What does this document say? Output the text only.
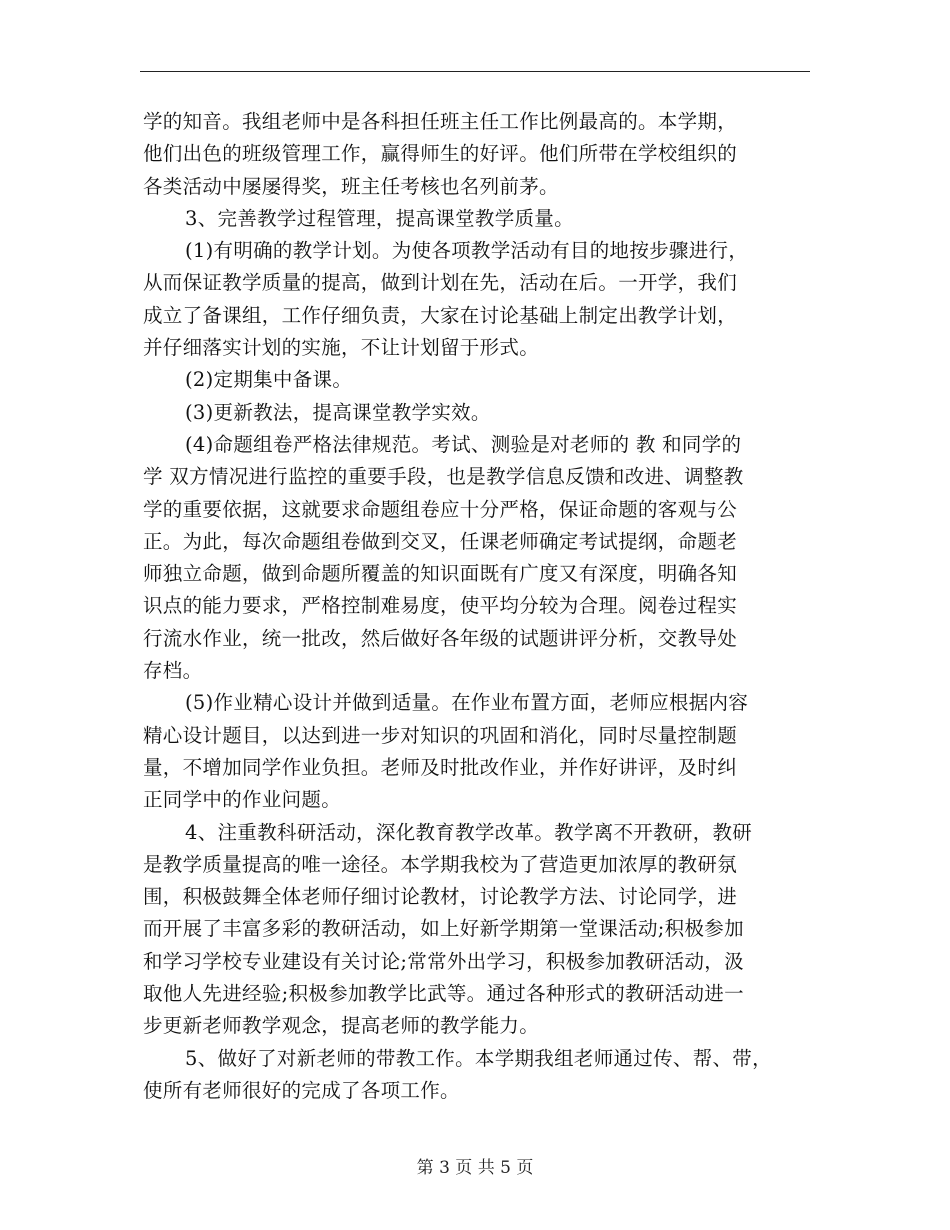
学的知音。我组老师中是各科担任班主任工作比例最高的。本学期，
他们出色的班级管理工作，赢得师生的好评。他们所带在学校组织的
各类活动中屡屡得奖，班主任考核也名列前茅。
3、完善教学过程管理，提高课堂教学质量。
(1)有明确的教学计划。为使各项教学活动有目的地按步骤进行，
从而保证教学质量的提高，做到计划在先，活动在后。一开学，我们
成立了备课组，工作仔细负责，大家在讨论基础上制定出教学计划，
并仔细落实计划的实施，不让计划留于形式。
(2)定期集中备课。
(3)更新教法，提高课堂教学实效。
(4)命题组卷严格法律规范。考试、测验是对老师的 教 和同学的
学 双方情况进行监控的重要手段，也是教学信息反馈和改进、调整教
学的重要依据，这就要求命题组卷应十分严格，保证命题的客观与公
正。为此，每次命题组卷做到交叉，任课老师确定考试提纲，命题老
师独立命题，做到命题所覆盖的知识面既有广度又有深度，明确各知
识点的能力要求，严格控制难易度，使平均分较为合理。阅卷过程实
行流水作业，统一批改，然后做好各年级的试题讲评分析，交教导处
存档。
(5)作业精心设计并做到适量。在作业布置方面，老师应根据内容
精心设计题目，以达到进一步对知识的巩固和消化，同时尽量控制题
量，不增加同学作业负担。老师及时批改作业，并作好讲评，及时纠
正同学中的作业问题。
4、注重教科研活动，深化教育教学改革。教学离不开教研，教研
是教学质量提高的唯一途径。本学期我校为了营造更加浓厚的教研氛
围，积极鼓舞全体老师仔细讨论教材，讨论教学方法、讨论同学，进
而开展了丰富多彩的教研活动，如上好新学期第一堂课活动;积极参加
和学习学校专业建设有关讨论;常常外出学习，积极参加教研活动，汲
取他人先进经验;积极参加教学比武等。通过各种形式的教研活动进一
步更新老师教学观念，提高老师的教学能力。
5、做好了对新老师的带教工作。本学期我组老师通过传、帮、带，
使所有老师很好的完成了各项工作。
第 3 页 共 5 页
